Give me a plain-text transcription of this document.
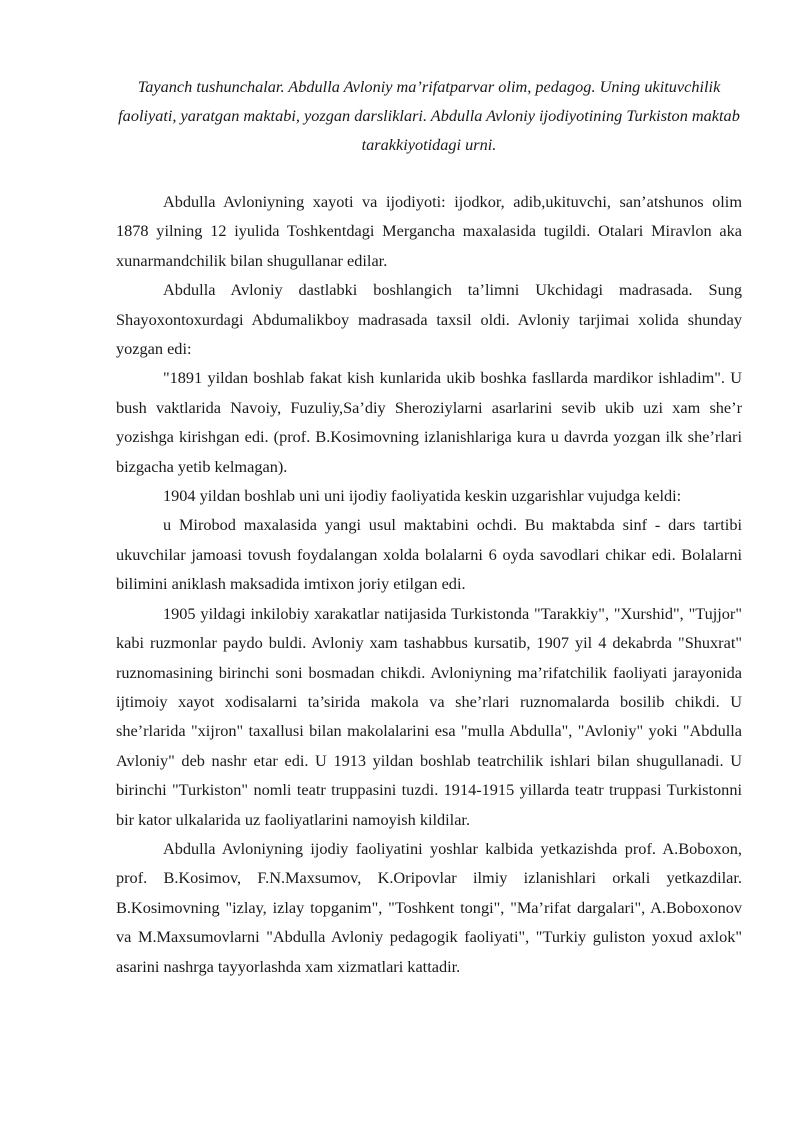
Tayanch tushunchalar. Abdulla Avloniy ma’rifatparvar olim, pedagog. Uning ukituvchilik faoliyati, yaratgan maktabi, yozgan darsliklari. Abdulla Avloniy ijodiyotining Turkiston maktab tarakkiyotidagi urni.

Abdulla Avloniyning xayoti va ijodiyoti: ijodkor, adib,ukituvchi, san’atshunos olim 1878 yilning 12 iyulida Toshkentdagi Mergancha maxalasida tugildi. Otalari Miravlon aka xunarmandchilik bilan shugullanar edilar.

Abdulla Avloniy dastlabki boshlangich ta’limni Ukchidagi madrasada. Sung Shayoxontoxurdagi Abdumalikboy madrasada taxsil oldi. Avloniy tarjimai xolida shunday yozgan edi:

"1891 yildan boshlab fakat kish kunlarida ukib boshka fasllarda mardikor ishladim". U bush vaktlarida Navoiy, Fuzuliy,Sa’diy Sheroziylarni asarlarini sevib ukib uzi xam she’r yozishga kirishgan edi. (prof. B.Kosimovning izlanishlariga kura u davrda yozgan ilk she’rlari bizgacha yetib kelmagan).

1904 yildan boshlab uni uni ijodiy faoliyatida keskin uzgarishlar vujudga keldi:

u Mirobod maxalasida yangi usul maktabini ochdi. Bu maktabda sinf - dars tartibi ukuvchilar jamoasi tovush foydalangan xolda bolalarni 6 oyda savodlari chikar edi. Bolalarni bilimini aniklash maksadida imtixon joriy etilgan edi.

1905 yildagi inkilobiy xarakatlar natijasida Turkistonda "Tarakkiy", "Xurshid", "Tujjor" kabi ruzmonlar paydo buldi. Avloniy xam tashabbus kursatib, 1907 yil 4 dekabrda "Shuxrat" ruznomasining birinchi soni bosmadan chikdi. Avloniyning ma’rifatchilik faoliyati jarayonida ijtimoiy xayot xodisalarni ta’sirida makola va she’rlari ruznomalarda bosilib chikdi. U she’rlarida "xijron" taxallusi bilan makolalarini esa "mulla Abdulla", "Avloniy" yoki "Abdulla Avloniy" deb nashr etar edi. U 1913 yildan boshlab teatrchilik ishlari bilan shugullanadi. U birinchi "Turkiston" nomli teatr truppasini tuzdi. 1914-1915 yillarda teatr truppasi Turkistonni bir kator ulkalarida uz faoliyatlarini namoyish kildilar.

Abdulla Avloniyning ijodiy faoliyatini yoshlar kalbida yetkazishda prof. A.Boboxon, prof. B.Kosimov, F.N.Maxsumov, K.Oripovlar ilmiy izlanishlari orkali yetkazdilar. B.Kosimovning "izlay, izlay topganim", "Toshkent tongi", "Ma’rifat dargalari", A.Boboxonov va M.Maxsumovlarni "Abdulla Avloniy pedagogik faoliyati", "Turkiy guliston yoxud axlok" asarini nashrga tayyorlashda xam xizmatlari kattadir.
